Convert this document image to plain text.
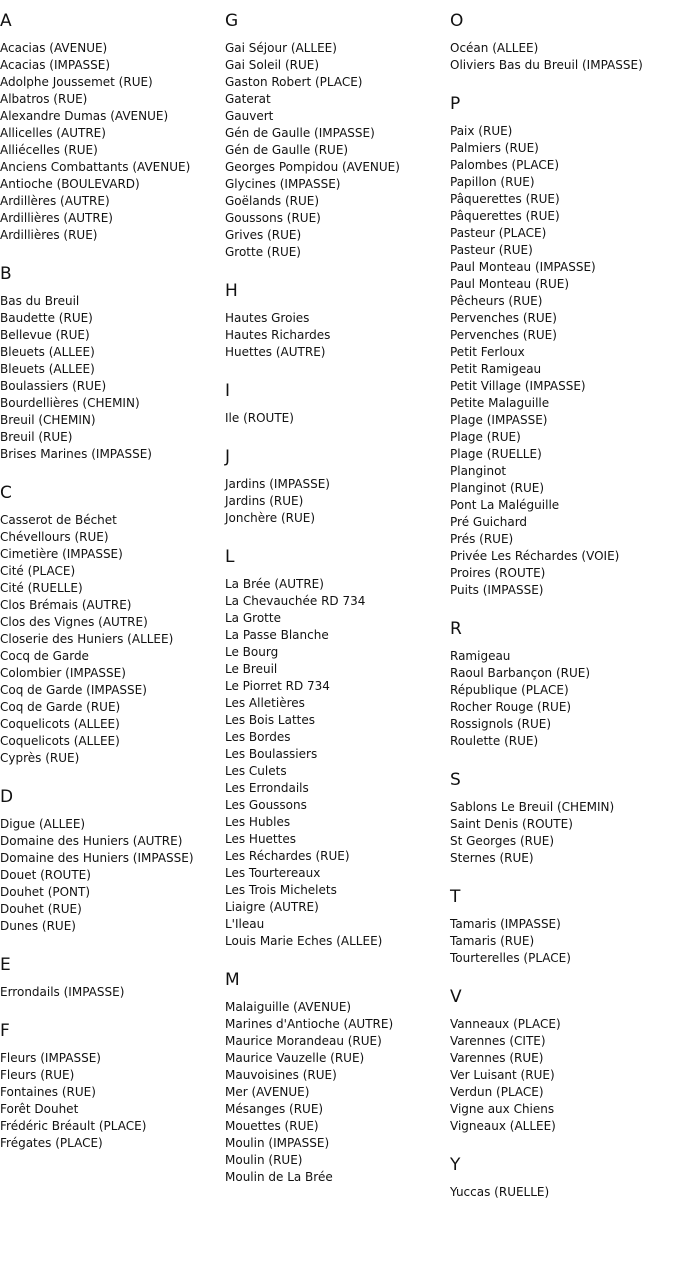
A
Acacias (AVENUE)
Acacias (IMPASSE)
Adolphe Joussemet (RUE)
Albatros (RUE)
Alexandre Dumas (AVENUE)
Allicelles (AUTRE)
Alliécelles (RUE)
Anciens Combattants (AVENUE)
Antioche (BOULEVARD)
Ardillères (AUTRE)
Ardillières (AUTRE)
Ardillières (RUE)
B
Bas du Breuil
Baudette (RUE)
Bellevue (RUE)
Bleuets (ALLEE)
Bleuets (ALLEE)
Boulassiers (RUE)
Bourdellières (CHEMIN)
Breuil (CHEMIN)
Breuil (RUE)
Brises Marines (IMPASSE)
C
Casserot de Béchet
Chévellours (RUE)
Cimetière (IMPASSE)
Cité (PLACE)
Cité (RUELLE)
Clos Brémais (AUTRE)
Clos des Vignes (AUTRE)
Closerie des Huniers (ALLEE)
Cocq de Garde
Colombier (IMPASSE)
Coq de Garde (IMPASSE)
Coq de Garde (RUE)
Coquelicots (ALLEE)
Coquelicots (ALLEE)
Cyprès (RUE)
D
Digue (ALLEE)
Domaine des Huniers (AUTRE)
Domaine des Huniers (IMPASSE)
Douet (ROUTE)
Douhet (PONT)
Douhet (RUE)
Dunes (RUE)
E
Errondails (IMPASSE)
F
Fleurs (IMPASSE)
Fleurs (RUE)
Fontaines (RUE)
Forêt Douhet
Frédéric Bréault (PLACE)
Frégates (PLACE)
G
Gai Séjour (ALLEE)
Gai Soleil (RUE)
Gaston Robert (PLACE)
Gaterat
Gauvert
Gén de Gaulle (IMPASSE)
Gén de Gaulle (RUE)
Georges Pompidou (AVENUE)
Glycines (IMPASSE)
Goëlands (RUE)
Goussons (RUE)
Grives (RUE)
Grotte (RUE)
H
Hautes Groies
Hautes Richardes
Huettes (AUTRE)
I
Ile (ROUTE)
J
Jardins (IMPASSE)
Jardins (RUE)
Jonchère (RUE)
L
La Brée (AUTRE)
La Chevauchée RD 734
La Grotte
La Passe Blanche
Le Bourg
Le Breuil
Le Piorret RD 734
Les Alletières
Les Bois Lattes
Les Bordes
Les Boulassiers
Les Culets
Les Errondails
Les Goussons
Les Hubles
Les Huettes
Les Réchardes (RUE)
Les Tourtereaux
Les Trois Michelets
Liaigre (AUTRE)
L'Ileau
Louis Marie Eches (ALLEE)
M
Malaiguille (AVENUE)
Marines d'Antioche (AUTRE)
Maurice Morandeau (RUE)
Maurice Vauzelle (RUE)
Mauvoisines (RUE)
Mer (AVENUE)
Mésanges (RUE)
Mouettes (RUE)
Moulin (IMPASSE)
Moulin (RUE)
Moulin de La Brée
O
Océan (ALLEE)
Oliviers Bas du Breuil (IMPASSE)
P
Paix (RUE)
Palmiers (RUE)
Palombes (PLACE)
Papillon (RUE)
Pâquerettes (RUE)
Pâquerettes (RUE)
Pasteur (PLACE)
Pasteur (RUE)
Paul Monteau (IMPASSE)
Paul Monteau (RUE)
Pêcheurs (RUE)
Pervenches (RUE)
Pervenches (RUE)
Petit Ferloux
Petit Ramigeau
Petit Village (IMPASSE)
Petite Malaguille
Plage (IMPASSE)
Plage (RUE)
Plage (RUELLE)
Planginot
Planginot (RUE)
Pont La Maléguille
Pré Guichard
Prés (RUE)
Privée Les Réchardes (VOIE)
Proires (ROUTE)
Puits (IMPASSE)
R
Ramigeau
Raoul Barbançon (RUE)
République (PLACE)
Rocher Rouge (RUE)
Rossignols (RUE)
Roulette (RUE)
S
Sablons Le Breuil (CHEMIN)
Saint Denis (ROUTE)
St Georges (RUE)
Sternes (RUE)
T
Tamaris (IMPASSE)
Tamaris (RUE)
Tourterelles (PLACE)
V
Vanneaux (PLACE)
Varennes (CITE)
Varennes (RUE)
Ver Luisant (RUE)
Verdun (PLACE)
Vigne aux Chiens
Vigneaux (ALLEE)
Y
Yuccas (RUELLE)
